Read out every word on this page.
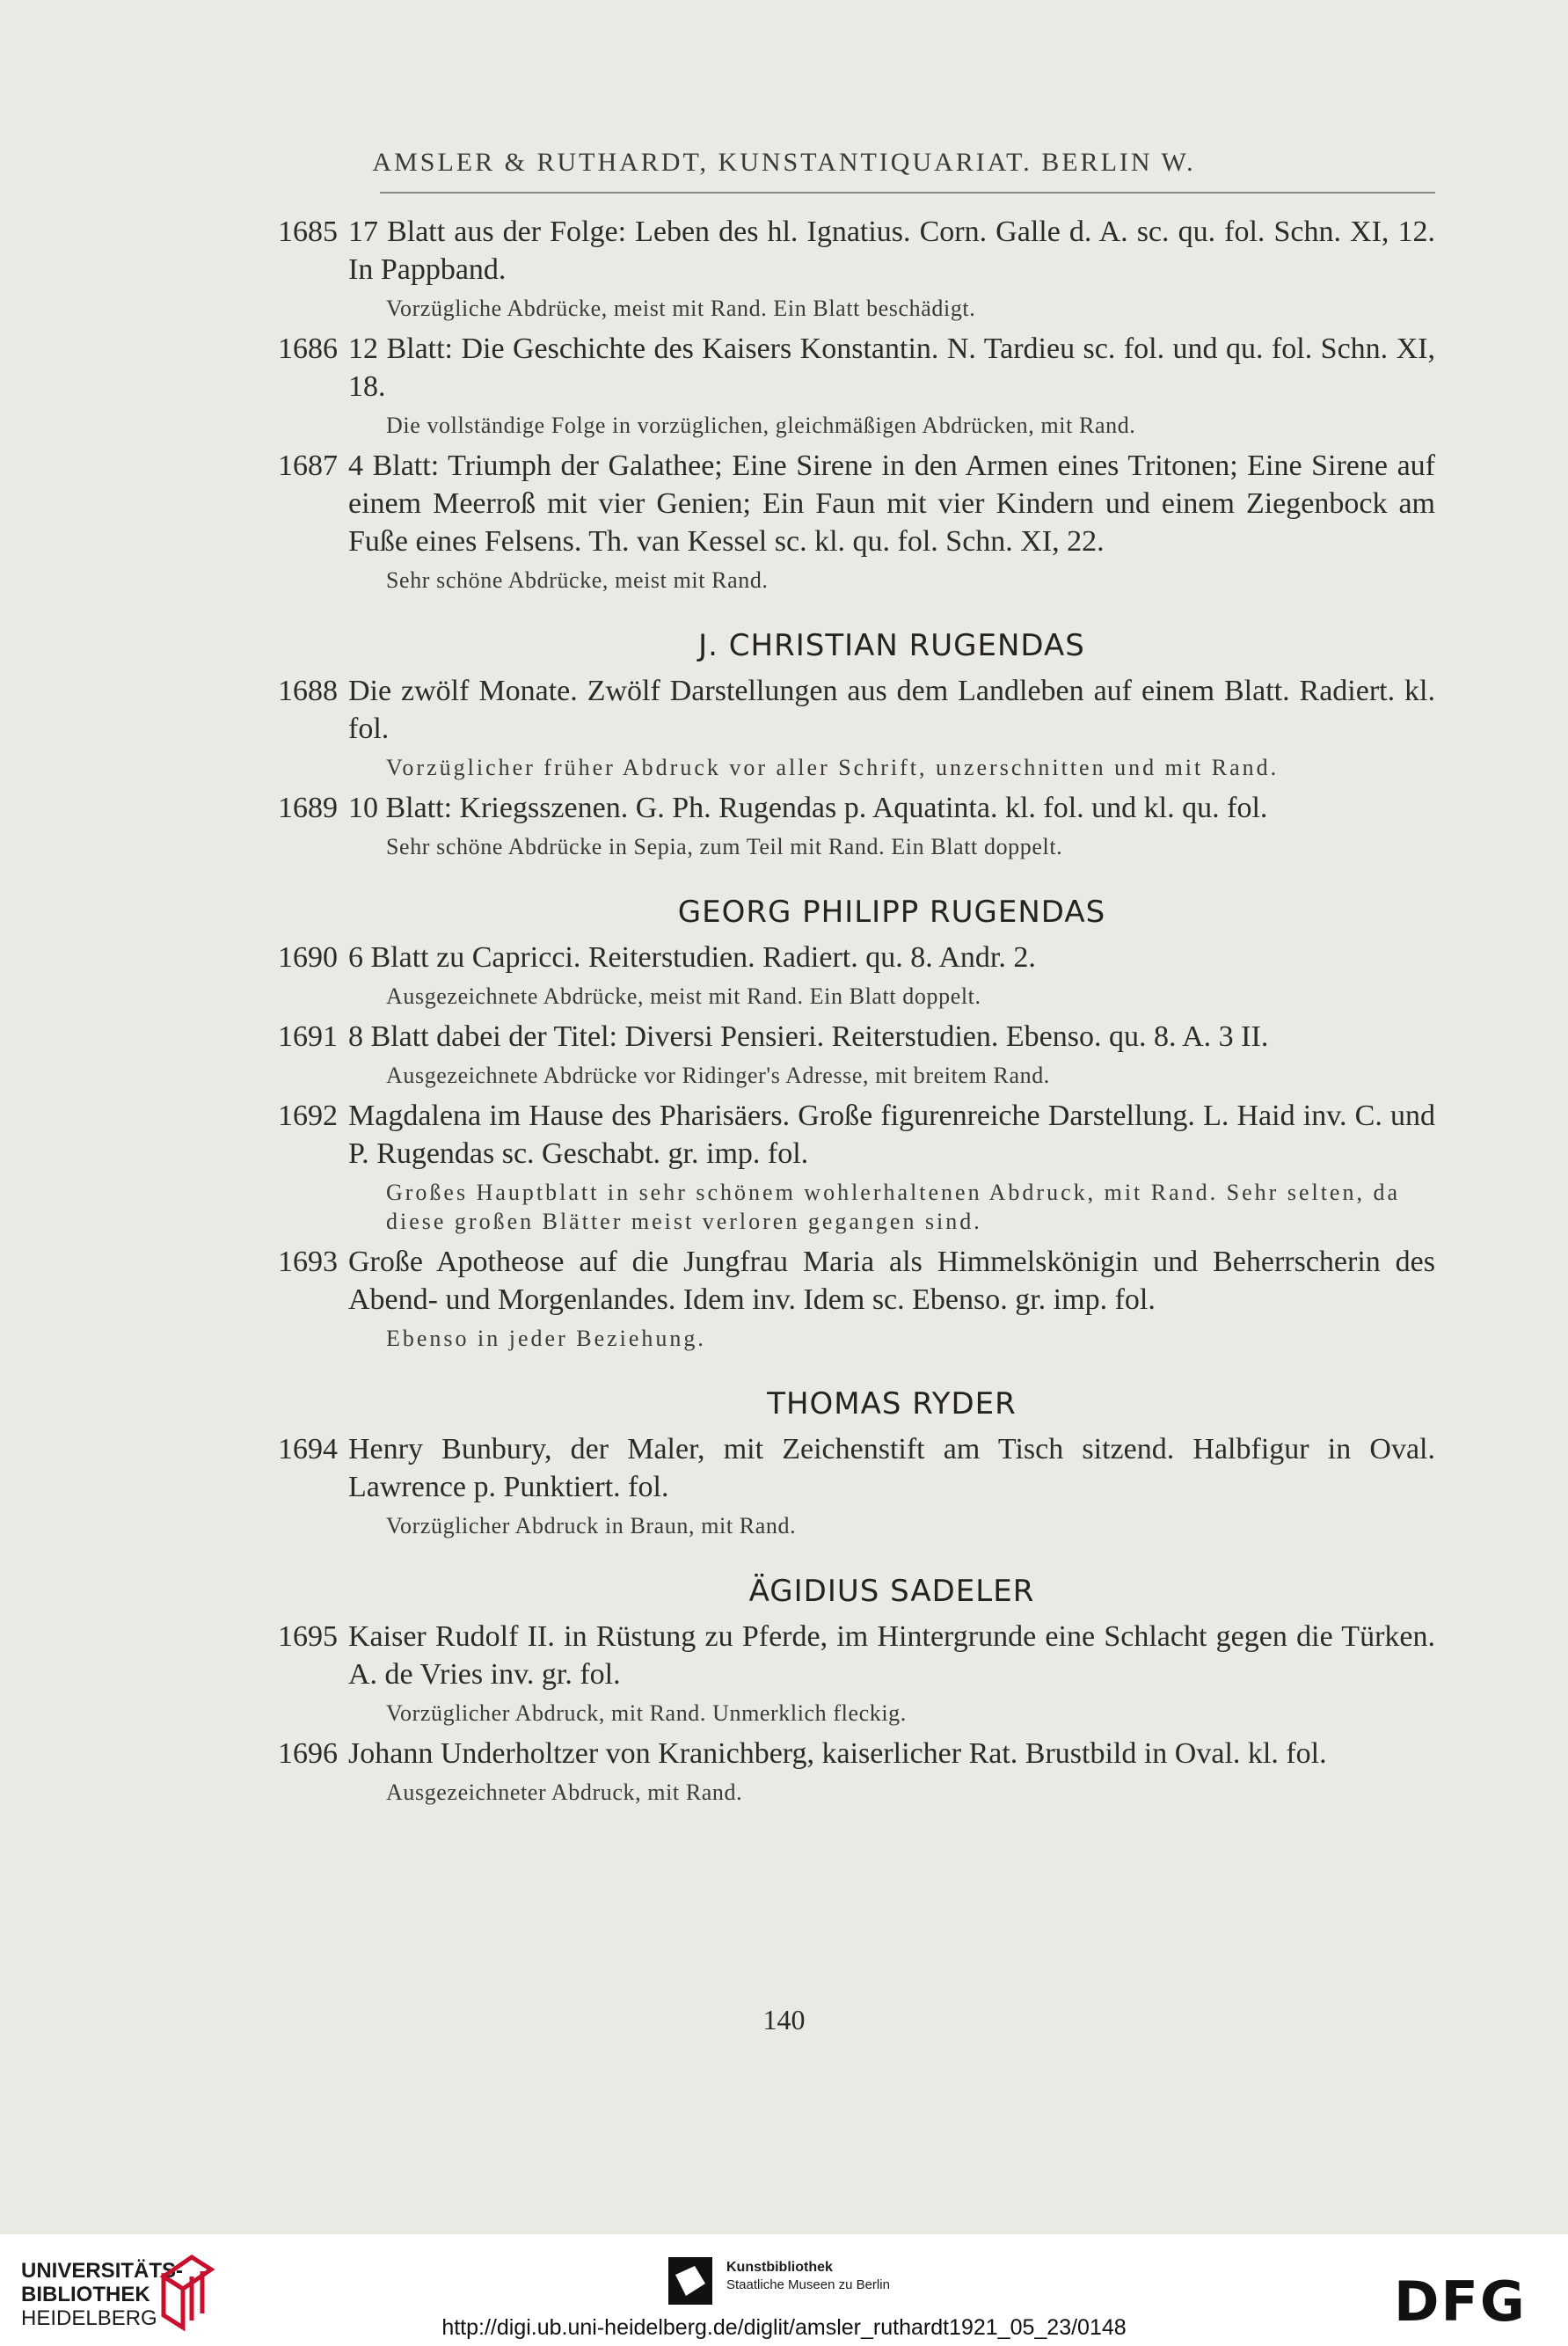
AMSLER & RUTHARDT, KUNSTANTIQUARIAT. BERLIN W.
1685 17 Blatt aus der Folge: Leben des hl. Ignatius. Corn. Galle d. A. sc. qu. fol. Schn. XI, 12. In Pappband.
Vorzügliche Abdrücke, meist mit Rand. Ein Blatt beschädigt.
1686 12 Blatt: Die Geschichte des Kaisers Konstantin. N. Tardieu sc. fol. und qu. fol. Schn. XI, 18.
Die vollständige Folge in vorzüglichen, gleichmäßigen Abdrücken, mit Rand.
1687 4 Blatt: Triumph der Galathee; Eine Sirene in den Armen eines Tritonen; Eine Sirene auf einem Meerroß mit vier Genien; Ein Faun mit vier Kindern und einem Ziegenbock am Fuße eines Felsens. Th. van Kessel sc. kl. qu. fol. Schn. XI, 22.
Sehr schöne Abdrücke, meist mit Rand.
J. CHRISTIAN RUGENDAS
1688 Die zwölf Monate. Zwölf Darstellungen aus dem Landleben auf einem Blatt. Radiert. kl. fol.
Vorzüglicher früher Abdruck vor aller Schrift, unzerschnitten und mit Rand.
1689 10 Blatt: Kriegsszenen. G. Ph. Rugendas p. Aquatinta. kl. fol. und kl. qu. fol.
Sehr schöne Abdrücke in Sepia, zum Teil mit Rand. Ein Blatt doppelt.
GEORG PHILIPP RUGENDAS
1690 6 Blatt zu Capricci. Reiterstudien. Radiert. qu. 8. Andr. 2.
Ausgezeichnete Abdrücke, meist mit Rand. Ein Blatt doppelt.
1691 8 Blatt dabei der Titel: Diversi Pensieri. Reiterstudien. Ebenso. qu. 8. A. 3 II.
Ausgezeichnete Abdrücke vor Ridinger's Adresse, mit breitem Rand.
1692 Magdalena im Hause des Pharisäers. Große figurenreiche Darstellung. L. Haid inv. C. und P. Rugendas sc. Geschabt. gr. imp. fol.
Großes Hauptblatt in sehr schönem wohlerhaltenen Abdruck, mit Rand. Sehr selten, da diese großen Blätter meist verloren gegangen sind.
1693 Große Apotheose auf die Jungfrau Maria als Himmelskönigin und Beherrscherin des Abend- und Morgenlandes. Idem inv. Idem sc. Ebenso. gr. imp. fol.
Ebenso in jeder Beziehung.
THOMAS RYDER
1694 Henry Bunbury, der Maler, mit Zeichenstift am Tisch sitzend. Halbfigur in Oval. Lawrence p. Punktiert. fol.
Vorzüglicher Abdruck in Braun, mit Rand.
ÄGIDIUS SADELER
1695 Kaiser Rudolf II. in Rüstung zu Pferde, im Hintergrunde eine Schlacht gegen die Türken. A. de Vries inv. gr. fol.
Vorzüglicher Abdruck, mit Rand. Unmerklich fleckig.
1696 Johann Underholtzer von Kranichberg, kaiserlicher Rat. Brustbild in Oval. kl. fol.
Ausgezeichneter Abdruck, mit Rand.
140
UNIVERSITÄTS-
BIBLIOTHEK
HEIDELBERG
Kunstbibliothek
Staatliche Museen zu Berlin	DFG
http://digi.ub.uni-heidelberg.de/diglit/amsler_ruthardt1921_05_23/0148
